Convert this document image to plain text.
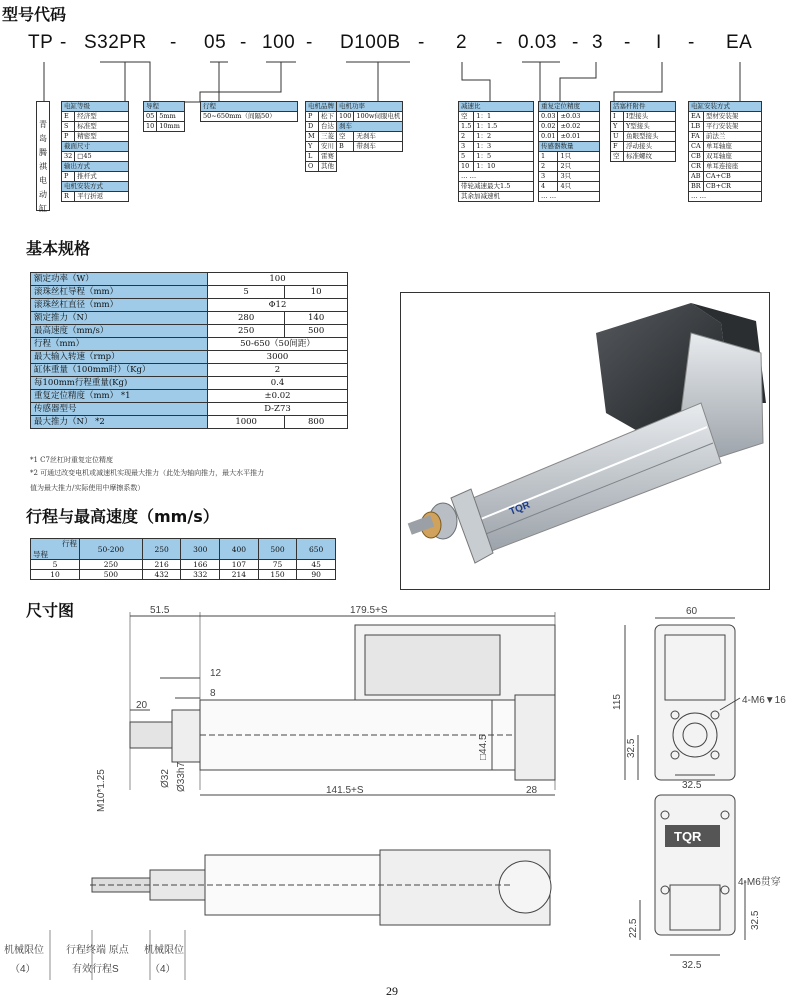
型号代码
TP - S32PR - 05 - 100 - D100B - 2 - 0.03 - 3 - I - EA
青
岛
腾
祺
电
动
缸
电缸等级	
E	经济型
S	标准型
P	精密型
截面尺寸	
32	□45
输出方式	
P	推杆式
电机安装方式	
R	平行折返
导程	
05	5mm
10	10mm
行程
50~650mm（间隔50）
电机品牌		电机功率	
P	松下	100	100w伺服电机
D	台达	刹车	
M	三菱	空	无刹车
Y	安川	B	带刹车
L	雷赛		
O	其他		
减速比	
空	1：1
1.5	1：1.5
2	1：2
3	1：3
5	1：5
10	1：10
… …	
带轮减速最大1.5	
其余加减速机	
重复定位精度	
0.03	±0.03
0.02	±0.02
0.01	±0.01
传感器数量	
1	1只
2	2只
3	3只
4	4只
… …	
活塞杆附件	
I	I型接头
Y	Y型接头
U	鱼眼型接头
F	浮动接头
空	标准螺纹
电缸安装方式	
EA	型材安装架
LB	平行安装架
FA	前法兰
CA	单耳轴座
CB	双耳轴座
CR	单耳连接座
AB	CA+CB
BR	CB+CR
… …	
基本规格
额定功率（W）	100	
滚珠丝杠导程（mm）	5	10
滚珠丝杠直径（mm）	Φ12	
额定推力（N）	280	140
最高速度（mm/s）	250	500
行程（mm）	50-650（50间距）	
最大输入转速（rmp）	3000	
缸体重量（100mm时）（Kg）	2	
每100mm行程重量(Kg)	0.4	
重复定位精度（mm） *1	±0.02	
传感器型号	D-Z73	
最大推力（N） *2	1000	800
*1 C7丝杠时重复定位精度
*2 可通过改变电机或减速机实现最大推力（此处为轴向推力，最大水平推力
值为最大推力/实际使用中摩擦系数）
TQR
行程与最高速度（mm/s）
行程
导程	50-200	250	300	400	500	650
5	250	216	166	107	75	45
10	500	432	332	214	150	90
尺寸图
TQR
51.5	179.5+S
12
8
20
□44.5
Ø32 Ø33h7
M10*1.25	141.5+S	28
60
115
32.5
32.5
4-M6▼16
4-M6贯穿
22.5	32.5
32.5
机械限位
（4）
行程终端 原点
有效行程S
机械限位
（4）
29
